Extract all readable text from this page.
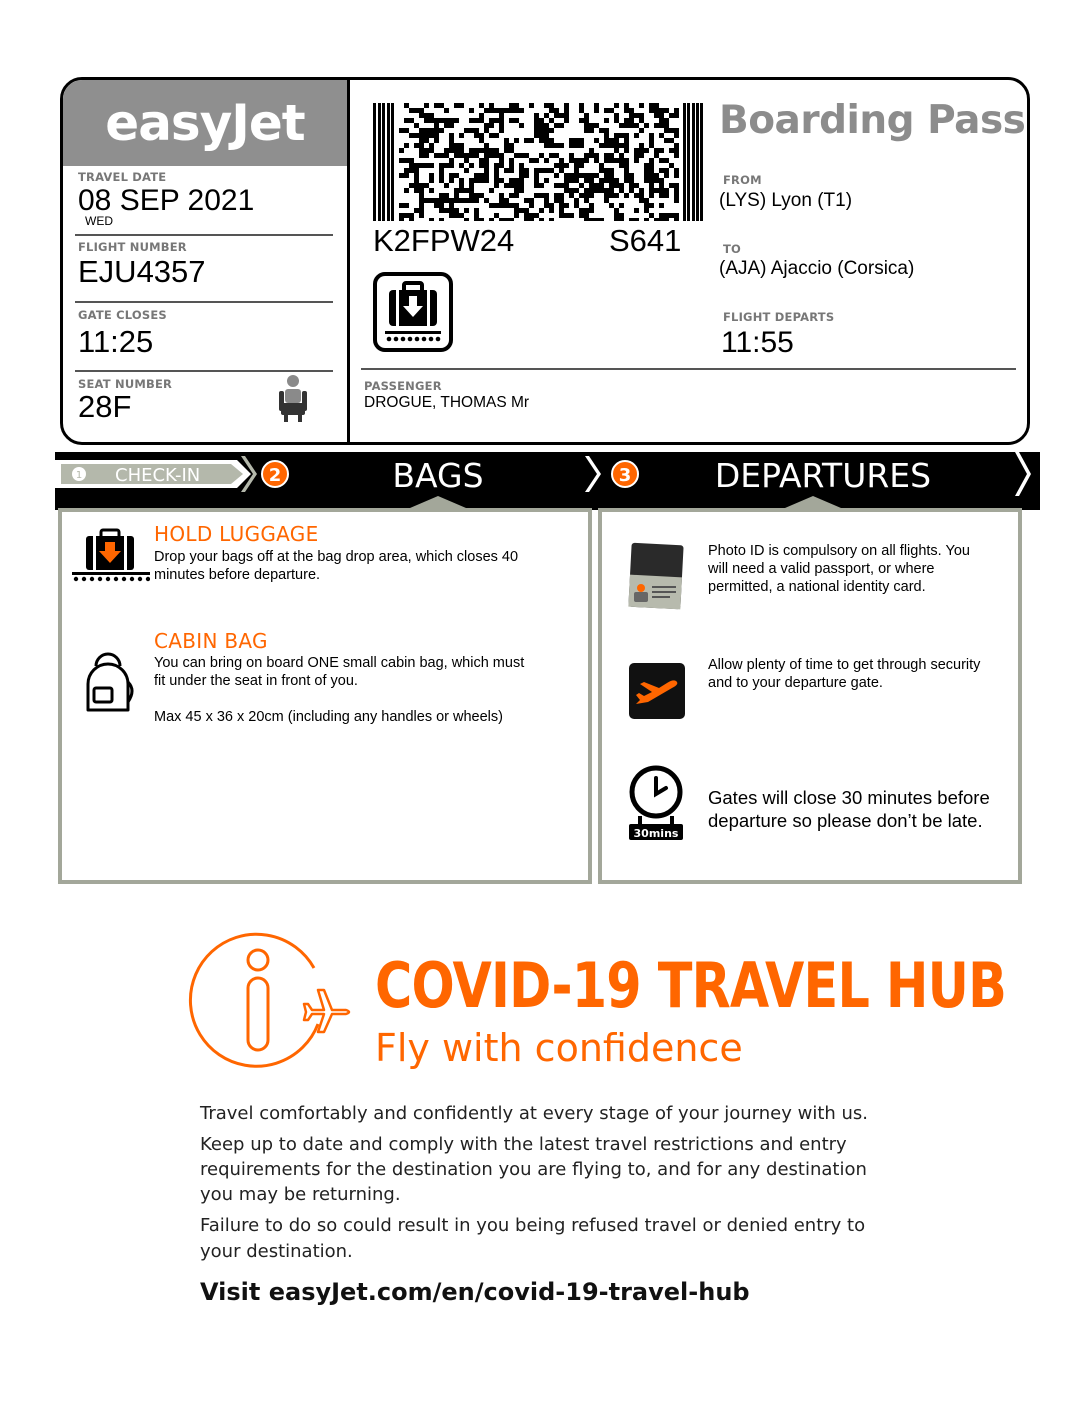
easyJet
TRAVEL DATE
08 SEP 2021
WED
FLIGHT NUMBER
EJU4357
GATE CLOSES
11:25
SEAT NUMBER
28F
K2FPW24	S641
Boarding Pass
FROM
(LYS) Lyon (T1)
TO
(AJA) Ajaccio (Corsica)
FLIGHT DEPARTS
11:55
PASSENGER
DROGUE, THOMAS Mr
1 CHECK-IN	2	BAGS	3	DEPARTURES
HOLD LUGGAGE
Drop your bags off at the bag drop area, which closes 40
minutes before departure.
CABIN BAG
You can bring on board ONE small cabin bag, which must
fit under the seat in front of you.
Max 45 x 36 x 20cm (including any handles or wheels)
Photo ID is compulsory on all flights. You
will need a valid passport, or where
permitted, a national identity card.
Allow plenty of time to get through security
and to your departure gate.
30mins
Gates will close 30 minutes before
departure so please don’t be late.
COVID-19 TRAVEL HUB
Fly with confidence
Travel comfortably and confidently at every stage of your journey with us.
Keep up to date and comply with the latest travel restrictions and entry
requirements for the destination you are flying to, and for any destination
you may be returning.
Failure to do so could result in you being refused travel or denied entry to
your destination.
Visit easyJet.com/en/covid-19-travel-hub
